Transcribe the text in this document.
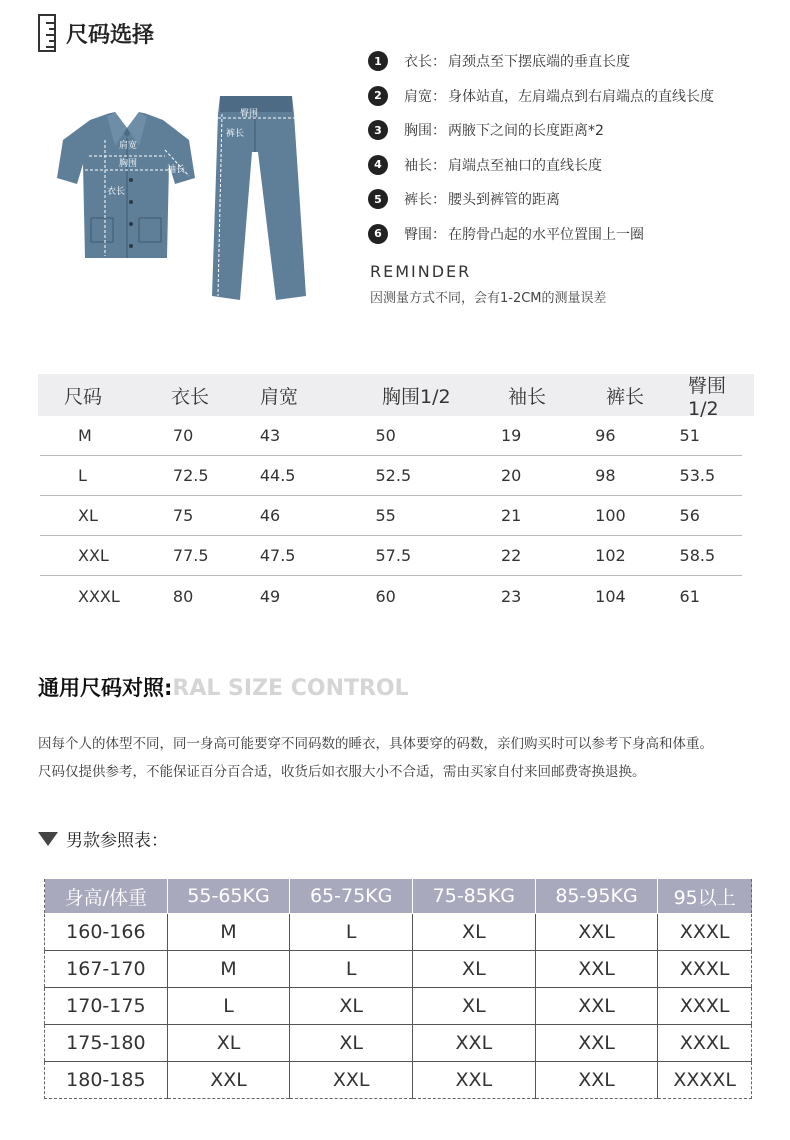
尺码选择
肩宽
胸围
衣长
袖长
臀围
裤长
1	衣长： 肩颈点至下摆底端的垂直长度
2	肩宽： 身体站直，左肩端点到右肩端点的直线长度
3	胸围： 两腋下之间的长度距离*2
4	袖长： 肩端点至袖口的直线长度
5	裤长： 腰头到裤管的距离
6	臀围： 在胯骨凸起的水平位置围上一圈
REMINDER
因测量方式不同，会有1-2CM的测量误差
尺码	衣长	肩宽	胸围1/2	袖长	裤长	臀围1/2
M	70	43	50	19	96	51
L	72.5	44.5	52.5	20	98	53.5
XL	75	46	55	21	100	56
XXL	77.5	47.5	57.5	22	102	58.5
XXXL	80	49	60	23	104	61
通用尺码对照: RAL SIZE CONTROL
因每个人的体型不同，同一身高可能要穿不同码数的睡衣，具体要穿的码数，亲们购买时可以参考下身高和体重。
尺码仅提供参考，不能保证百分百合适，收货后如衣服大小不合适，需由买家自付来回邮费寄换退换。
男款参照表：
身高/体重	55-65KG	65-75KG	75-85KG	85-95KG	95以上
160-166	M	L	XL	XXL	XXXL
167-170	M	L	XL	XXL	XXXL
170-175	L	XL	XL	XXL	XXXL
175-180	XL	XL	XXL	XXL	XXXL
180-185	XXL	XXL	XXL	XXL	XXXXL
